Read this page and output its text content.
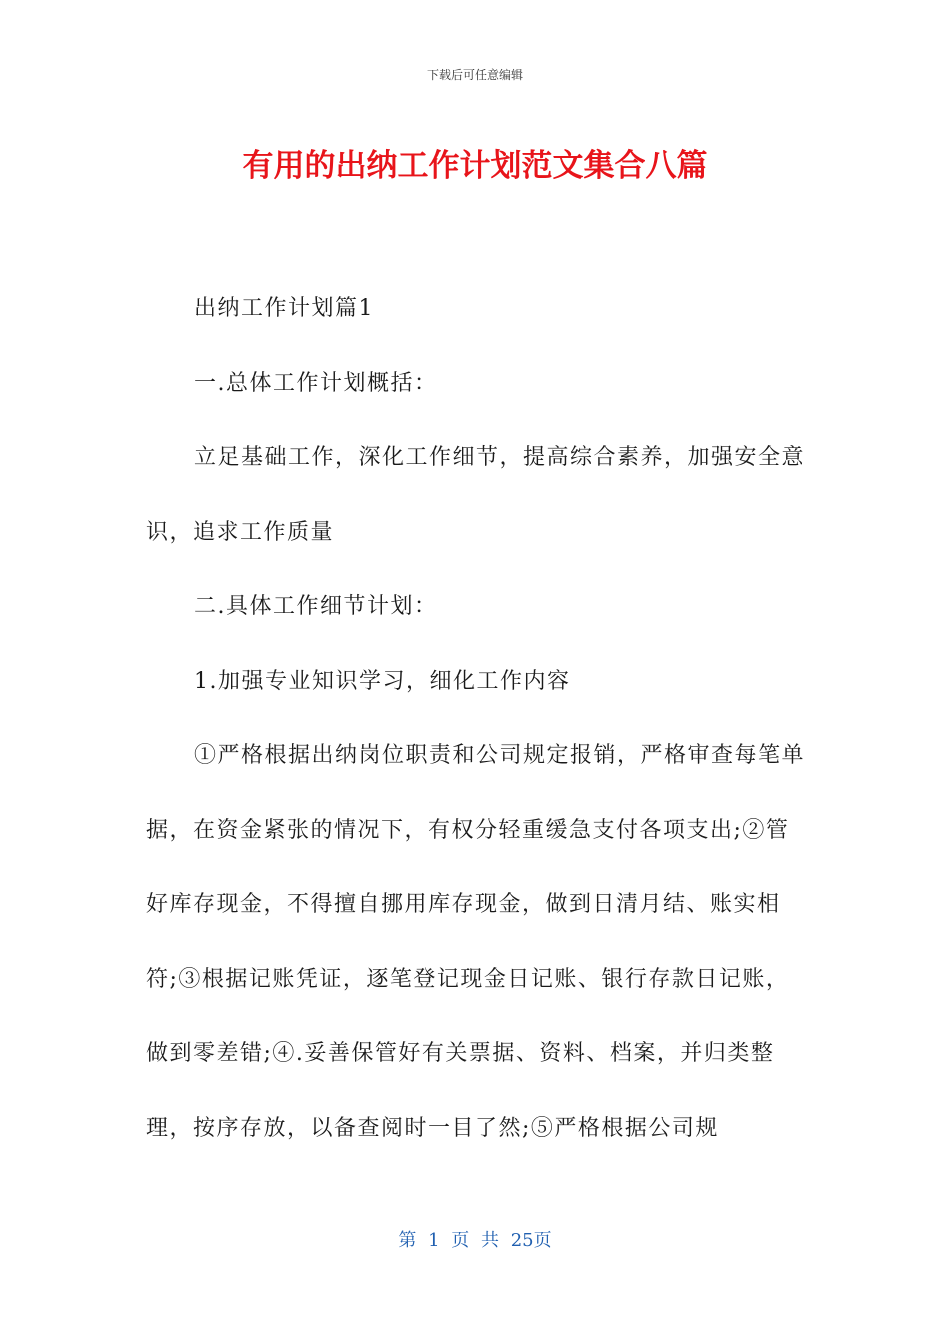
下载后可任意编辑
有用的出纳工作计划范文集合八篇

出纳工作计划篇1

一.总体工作计划概括：

立足基础工作，深化工作细节，提高综合素养，加强安全意识，追求工作质量

二.具体工作细节计划：

1.加强专业知识学习，细化工作内容

①严格根据出纳岗位职责和公司规定报销，严格审查每笔单据，在资金紧张的情况下，有权分轻重缓急支付各项支出;②管好库存现金，不得擅自挪用库存现金，做到日清月结、账实相符;③根据记账凭证，逐笔登记现金日记账、银行存款日记账，做到零差错;④.妥善保管好有关票据、资料、档案，并归类整理，按序存放，以备查阅时一目了然;⑤严格根据公司规

第 1 页 共 25页
